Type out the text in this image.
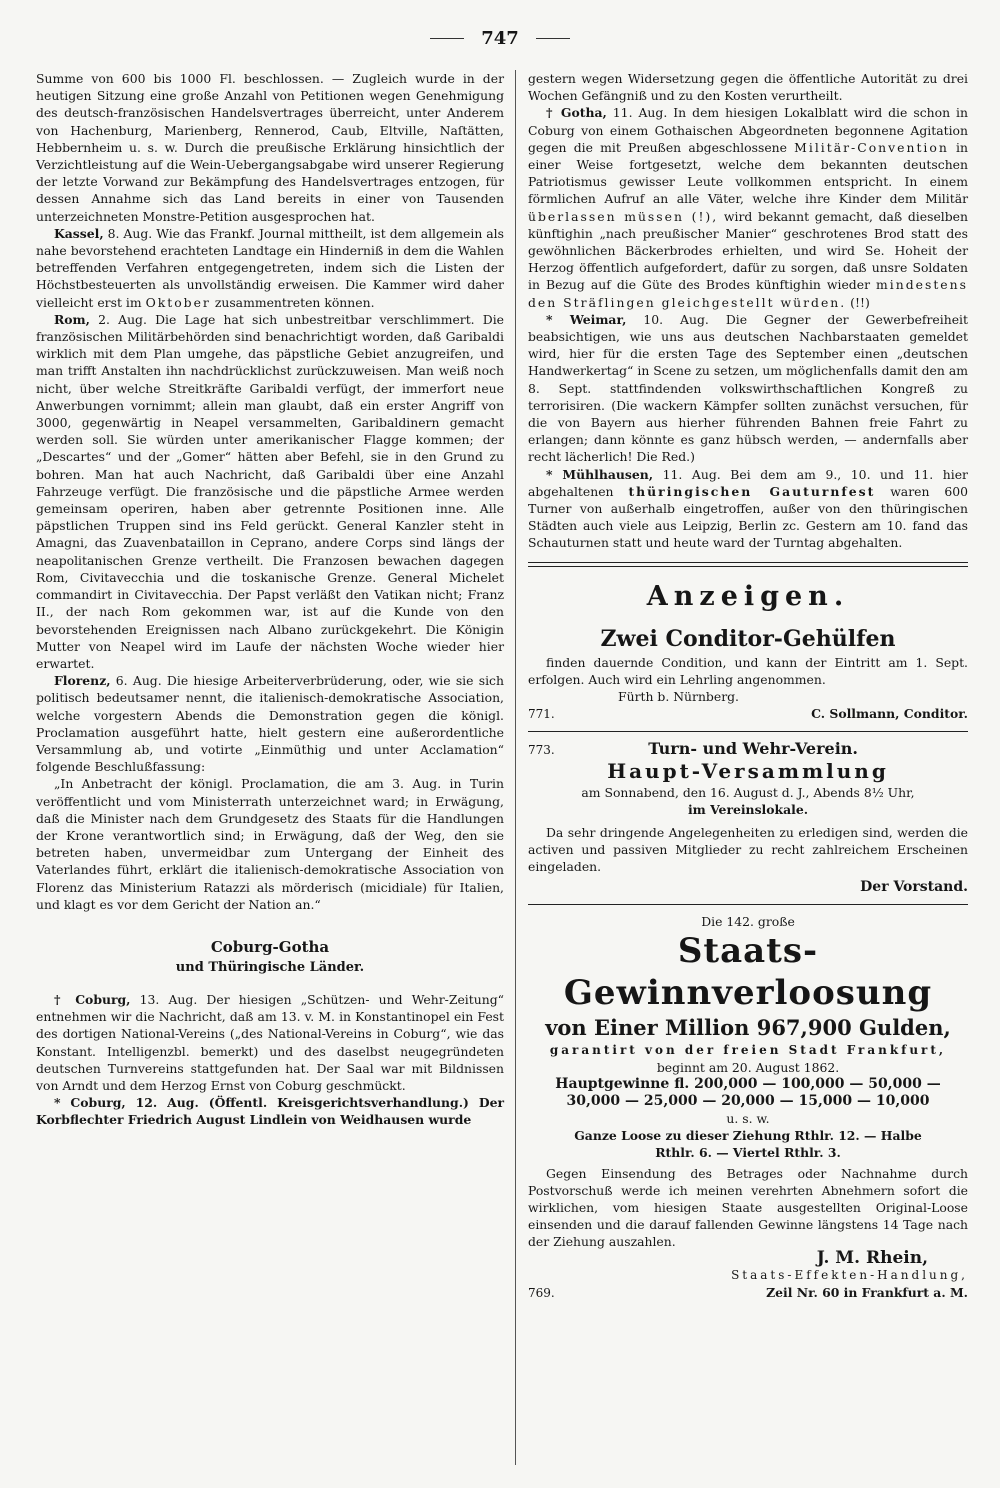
747

Summe von 600 bis 1000 Fl. beschlossen. — Zugleich wurde in der heutigen Sitzung eine große Anzahl von Petitionen wegen Genehmigung des deutsch-französischen Handelsvertrages überreicht, unter Anderem von Hachenburg, Marienberg, Rennerod, Caub, Eltville, Naſtätten, Hebbernheim u. s. w. Durch die preußische Erklärung hinsichtlich der Verzichtleistung auf die Wein-Uebergangsabgabe wird unserer Regierung der letzte Vorwand zur Bekämpfung des Handelsvertrages entzogen, für dessen Annahme sich das Land bereits in einer von Tausenden unterzeichneten Monstre-Petition ausgesprochen hat.

Kassel, 8. Aug. Wie das Frankf. Journal mittheilt, ist dem allgemein als nahe bevorstehend erachteten Landtage ein Hinderniß in dem die Wahlen betreffenden Verfahren entgegengetreten, indem sich die Listen der Höchstbesteuerten als unvollständig erweisen. Die Kammer wird daher vielleicht erst im Oktober zusammentreten können.

Rom, 2. Aug. Die Lage hat sich unbestreitbar verschlimmert. Die französischen Militärbehörden sind benachrichtigt worden, daß Garibaldi wirklich mit dem Plan umgehe, das päpstliche Gebiet anzugreifen, und man trifft Anstalten ihn nachdrücklichst zurückzuweisen. Man weiß noch nicht, über welche Streitkräfte Garibaldi verfügt, der immerfort neue Anwerbungen vornimmt; allein man glaubt, daß ein erster Angriff von 3000, gegenwärtig in Neapel versammelten, Garibaldinern gemacht werden soll. Sie würden unter amerikanischer Flagge kommen; der „Descartes“ und der „Gomer“ hätten aber Befehl, sie in den Grund zu bohren. Man hat auch Nachricht, daß Garibaldi über eine Anzahl Fahrzeuge verfügt. Die französische und die päpstliche Armee werden gemeinsam operiren, haben aber getrennte Positionen inne. Alle päpstlichen Truppen sind ins Feld gerückt. General Kanzler steht in Amagni, das Zuavenbataillon in Ceprano, andere Corps sind längs der neapolitanischen Grenze vertheilt. Die Franzosen bewachen dagegen Rom, Civitavecchia und die toskanische Grenze. General Michelet commandirt in Civitavecchia. Der Papst verläßt den Vatikan nicht; Franz II., der nach Rom gekommen war, ist auf die Kunde von den bevorstehenden Ereignissen nach Albano zurückgekehrt. Die Königin Mutter von Neapel wird im Laufe der nächsten Woche wieder hier erwartet.

Florenz, 6. Aug. Die hiesige Arbeiterverbrüderung, oder, wie sie sich politisch bedeutsamer nennt, die italienisch-demokratische Association, welche vorgestern Abends die Demonstration gegen die königl. Proclamation ausgeführt hatte, hielt gestern eine außerordentliche Versammlung ab, und votirte „Einmüthig und unter Acclamation“ folgende Beschlußfassung:

„In Anbetracht der königl. Proclamation, die am 3. Aug. in Turin veröffentlicht und vom Ministerrath unterzeichnet ward; in Erwägung, daß die Minister nach dem Grundgesetz des Staats für die Handlungen der Krone verantwortlich sind; in Erwägung, daß der Weg, den sie betreten haben, unvermeidbar zum Untergang der Einheit des Vaterlandes führt, erklärt die italienisch-demokratische Association von Florenz das Ministerium Ratazzi als mörderisch (micidiale) für Italien, und klagt es vor dem Gericht der Nation an.“

Coburg-Gotha
und Thüringische Länder.

† Coburg, 13. Aug. Der hiesigen „Schützen- und Wehr-Zeitung“ entnehmen wir die Nachricht, daß am 13. v. M. in Konstantinopel ein Fest des dortigen National-Vereins („des National-Vereins in Coburg“, wie das Konstant. Intelligenzbl. bemerkt) und des daselbst neugegründeten deutschen Turnvereins stattgefunden hat. Der Saal war mit Bildnissen von Arndt und dem Herzog Ernst von Coburg geschmückt.

* Coburg, 12. Aug. (Öffentl. Kreisgerichtsverhandlung.) Der Korbflechter Friedrich August Lindlein von Weidhausen wurde

gestern wegen Widersetzung gegen die öffentliche Autorität zu drei Wochen Gefängniß und zu den Kosten verurtheilt.

† Gotha, 11. Aug. In dem hiesigen Lokalblatt wird die schon in Coburg von einem Gothaischen Abgeordneten begonnene Agitation gegen die mit Preußen abgeschlossene Militär-Convention in einer Weise fortgesetzt, welche dem bekannten deutschen Patriotismus gewisser Leute vollkommen entspricht. In einem förmlichen Aufruf an alle Väter, welche ihre Kinder dem Militär überlassen müssen (!), wird bekannt gemacht, daß dieselben künftighin „nach preußischer Manier“ geschrotenes Brod statt des gewöhnlichen Bäckerbrodes erhielten, und wird Se. Hoheit der Herzog öffentlich aufgefordert, dafür zu sorgen, daß unsre Soldaten in Bezug auf die Güte des Brodes künftighin wieder mindestens den Sträflingen gleichgestellt würden. (!!)

* Weimar, 10. Aug. Die Gegner der Gewerbefreiheit beabsichtigen, wie uns aus deutschen Nachbarstaaten gemeldet wird, hier für die ersten Tage des September einen „deutschen Handwerkertag“ in Scene zu setzen, um möglichenfalls damit den am 8. Sept. stattfindenden volkswirthschaftlichen Kongreß zu terrorisiren. (Die wackern Kämpfer sollten zunächst versuchen, für die von Bayern aus hierher führenden Bahnen freie Fahrt zu erlangen; dann könnte es ganz hübsch werden, — andernfalls aber recht lächerlich! Die Red.)

* Mühlhausen, 11. Aug. Bei dem am 9., 10. und 11. hier abgehaltenen thüringischen Gauturnfest waren 600 Turner von außerhalb eingetroffen, außer von den thüringischen Städten auch viele aus Leipzig, Berlin zc. Gestern am 10. fand das Schauturnen statt und heute ward der Turntag abgehalten.

Anzeigen.
Zwei Conditor-Gehülfen

finden dauernde Condition, und kann der Eintritt am 1. Sept. erfolgen. Auch wird ein Lehrling angenommen.

Fürth b. Nürnberg.

771.	C. Sollmann, Conditor.
773.	Turn- und Wehr-Verein.
Haupt-Versammlung

am Sonnabend, den 16. August d. J., Abends 8½ Uhr,

im Vereinslokale.

Da sehr dringende Angelegenheiten zu erledigen sind, werden die activen und passiven Mitglieder zu recht zahlreichem Erscheinen eingeladen.

Der Vorstand.

Die 142. große

Staats-Gewinnverloosung
von Einer Million 967,900 Gulden,

garantirt von der freien Stadt Frankfurt,

beginnt am 20. August 1862.

Hauptgewinne fl. 200,000 — 100,000 — 50,000 —

30,000 — 25,000 — 20,000 — 15,000 — 10,000

u. s. w.

Ganze Loose zu dieser Ziehung Rthlr. 12. — Halbe

Rthlr. 6. — Viertel Rthlr. 3.

Gegen Einsendung des Betrages oder Nachnahme durch Postvorschuß werde ich meinen verehrten Abnehmern sofort die wirklichen, vom hiesigen Staate ausgestellten Original-Loose einsenden und die darauf fallenden Gewinne längstens 14 Tage nach der Ziehung auszahlen.

J. M. Rhein,

Staats-Effekten-Handlung,

769.	Zeil Nr. 60 in Frankfurt a. M.
